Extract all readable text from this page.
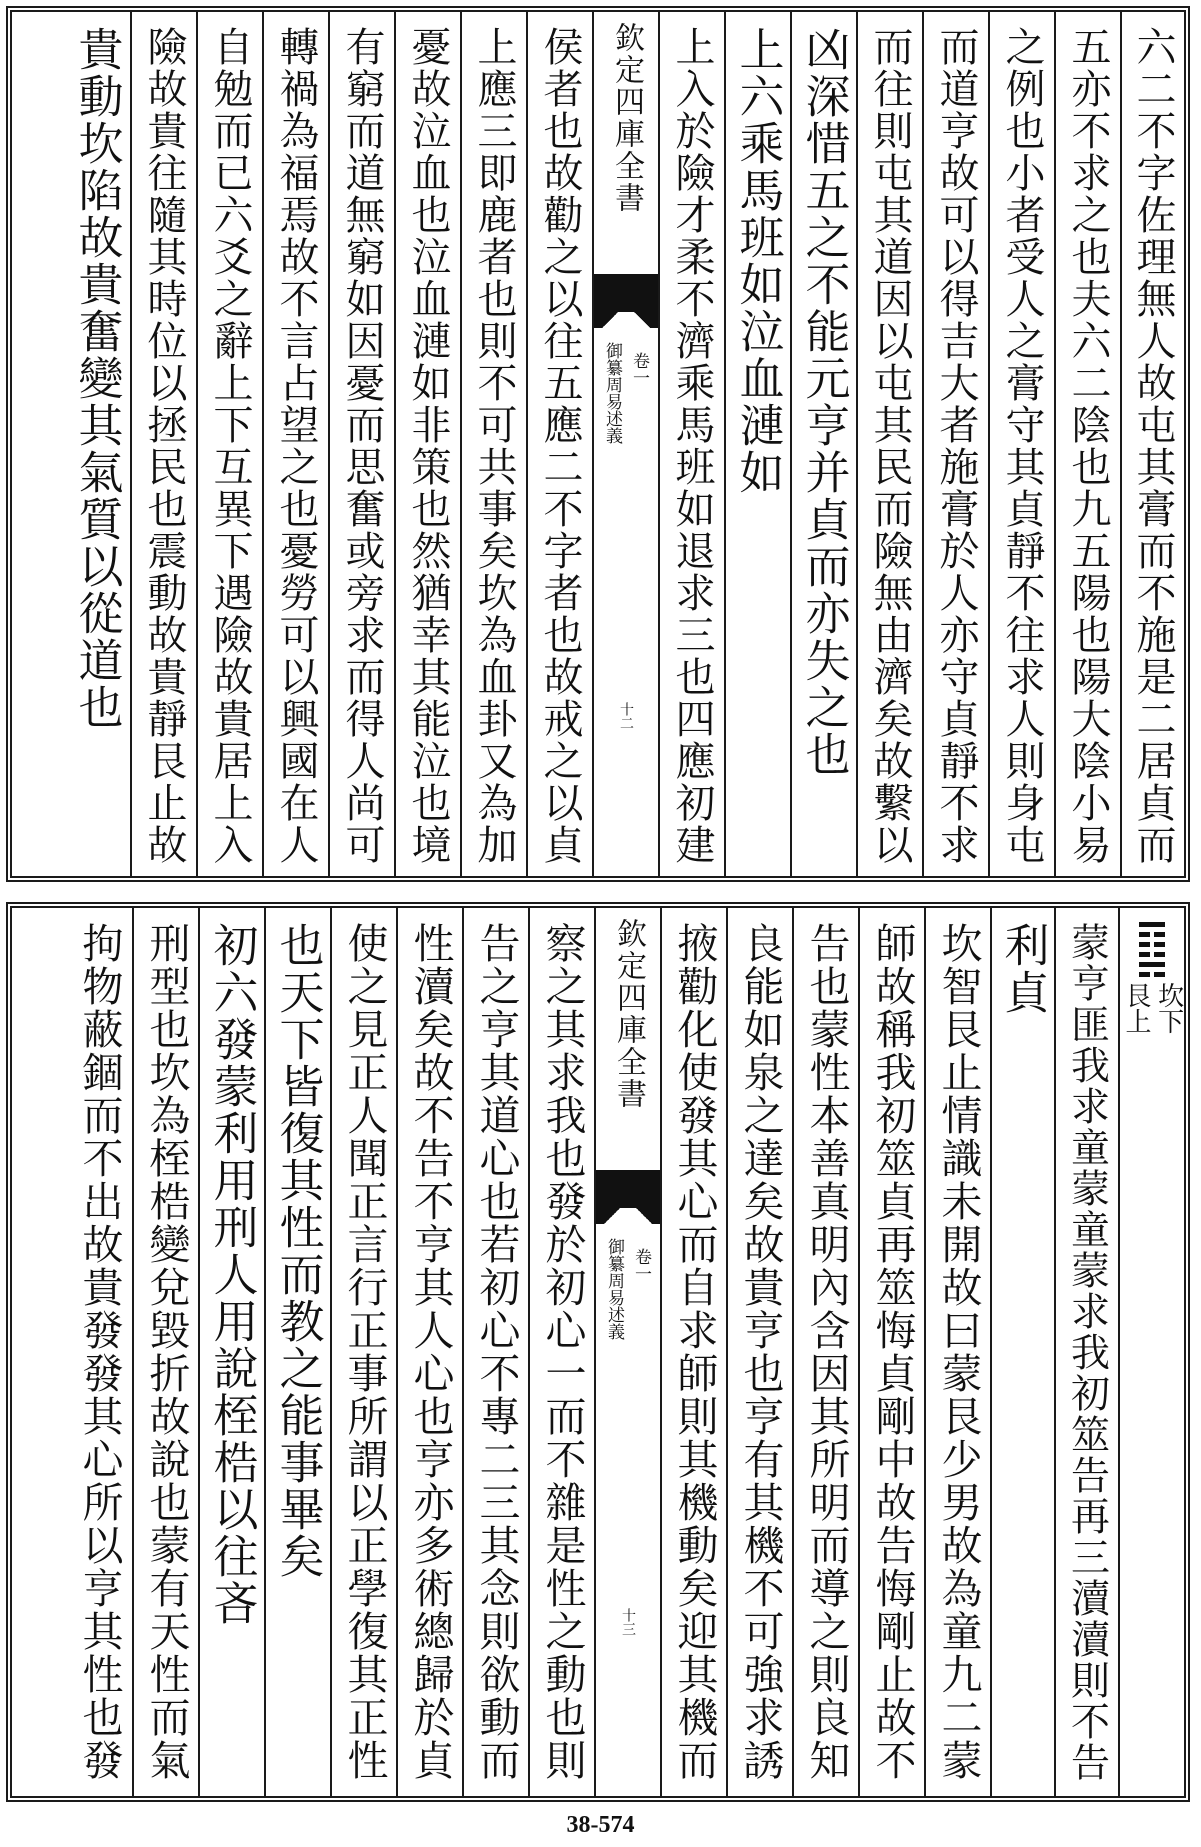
六二不字佐理無人故屯其膏而不施是二居貞而
五亦不求之也夫六二陰也九五陽也陽大陰小易
之例也小者受人之膏守其貞靜不往求人則身屯
而道亨故可以得吉大者施膏於人亦守貞靜不求
而往則屯其道因以屯其民而險無由濟矣故繫以
凶深惜五之不能元亨并貞而亦失之也
上六乘馬班如泣血漣如
上入於險才柔不濟乘馬班如退求三也四應初建
欽定四庫全書
御纂周易述義 卷一
十二
侯者也故勸之以往五應二不字者也故戒之以貞
上應三即鹿者也則不可共事矣坎為血卦又為加
憂故泣血也泣血漣如非策也然猶幸其能泣也境
有窮而道無窮如因憂而思奮或旁求而得人尚可
轉禍為福焉故不言占望之也憂勞可以興國在人
自勉而已六爻之辭上下互異下遇險故貴居上入
險故貴往隨其時位以拯民也震動故貴靜艮止故
貴動坎陷故貴奮變其氣質以從道也
坎下
艮上
蒙亨匪我求童蒙童蒙求我初筮告再三瀆瀆則不告
利貞
坎智艮止情識未開故曰蒙艮少男故為童九二蒙
師故稱我初筮貞再筮悔貞剛中故告悔剛止故不
告也蒙性本善真明內含因其所明而導之則良知
良能如泉之達矣故貴亨也亨有其機不可強求誘
掖勸化使發其心而自求師則其機動矣迎其機而
欽定四庫全書
御纂周易述義 卷一
十三
察之其求我也發於初心一而不雜是性之動也則
告之亨其道心也若初心不專二三其念則欲動而
性瀆矣故不告不亨其人心也亨亦多術總歸於貞
使之見正人聞正言行正事所謂以正學復其正性
也天下皆復其性而教之能事畢矣
初六發蒙利用刑人用說桎梏以往吝
刑型也坎為桎梏變兌毀折故說也蒙有天性而氣
拘物蔽錮而不出故貴發發其心所以亨其性也發
38-574
